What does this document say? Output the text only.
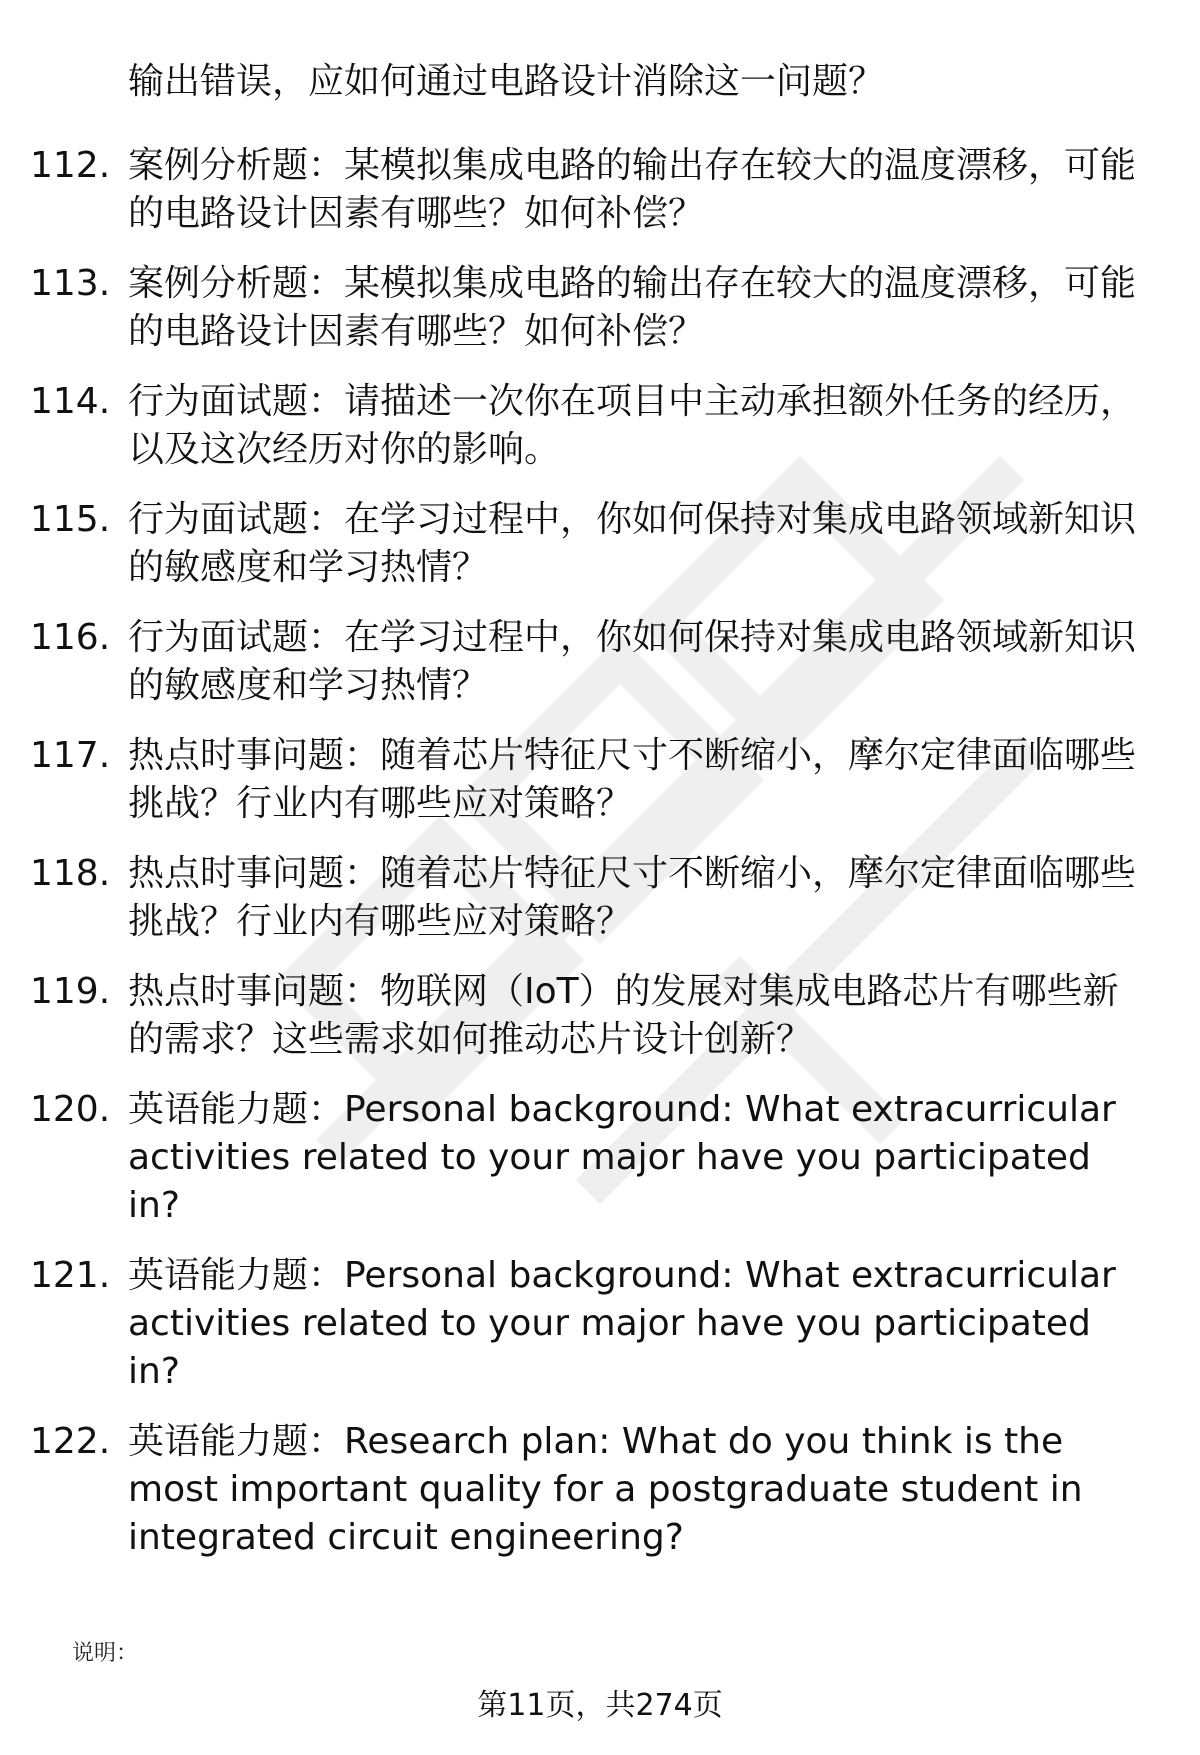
输出错误，应如何通过电路设计消除这一问题？
112. 案例分析题：某模拟集成电路的输出存在较大的温度漂移，可能的电路设计因素有哪些？如何补偿？
113. 案例分析题：某模拟集成电路的输出存在较大的温度漂移，可能的电路设计因素有哪些？如何补偿？
114. 行为面试题：请描述一次你在项目中主动承担额外任务的经历，以及这次经历对你的影响。
115. 行为面试题：在学习过程中，你如何保持对集成电路领域新知识的敏感度和学习热情？
116. 行为面试题：在学习过程中，你如何保持对集成电路领域新知识的敏感度和学习热情？
117. 热点时事问题：随着芯片特征尺寸不断缩小，摩尔定律面临哪些挑战？行业内有哪些应对策略？
118. 热点时事问题：随着芯片特征尺寸不断缩小，摩尔定律面临哪些挑战？行业内有哪些应对策略？
119. 热点时事问题：物联网（IoT）的发展对集成电路芯片有哪些新的需求？这些需求如何推动芯片设计创新？
120. 英语能力题：Personal background: What extracurricular activities related to your major have you participated in?
121. 英语能力题：Personal background: What extracurricular activities related to your major have you participated in?
122. 英语能力题：Research plan: What do you think is the most important quality for a postgraduate student in integrated circuit engineering?
说明：
第11页，共274页
